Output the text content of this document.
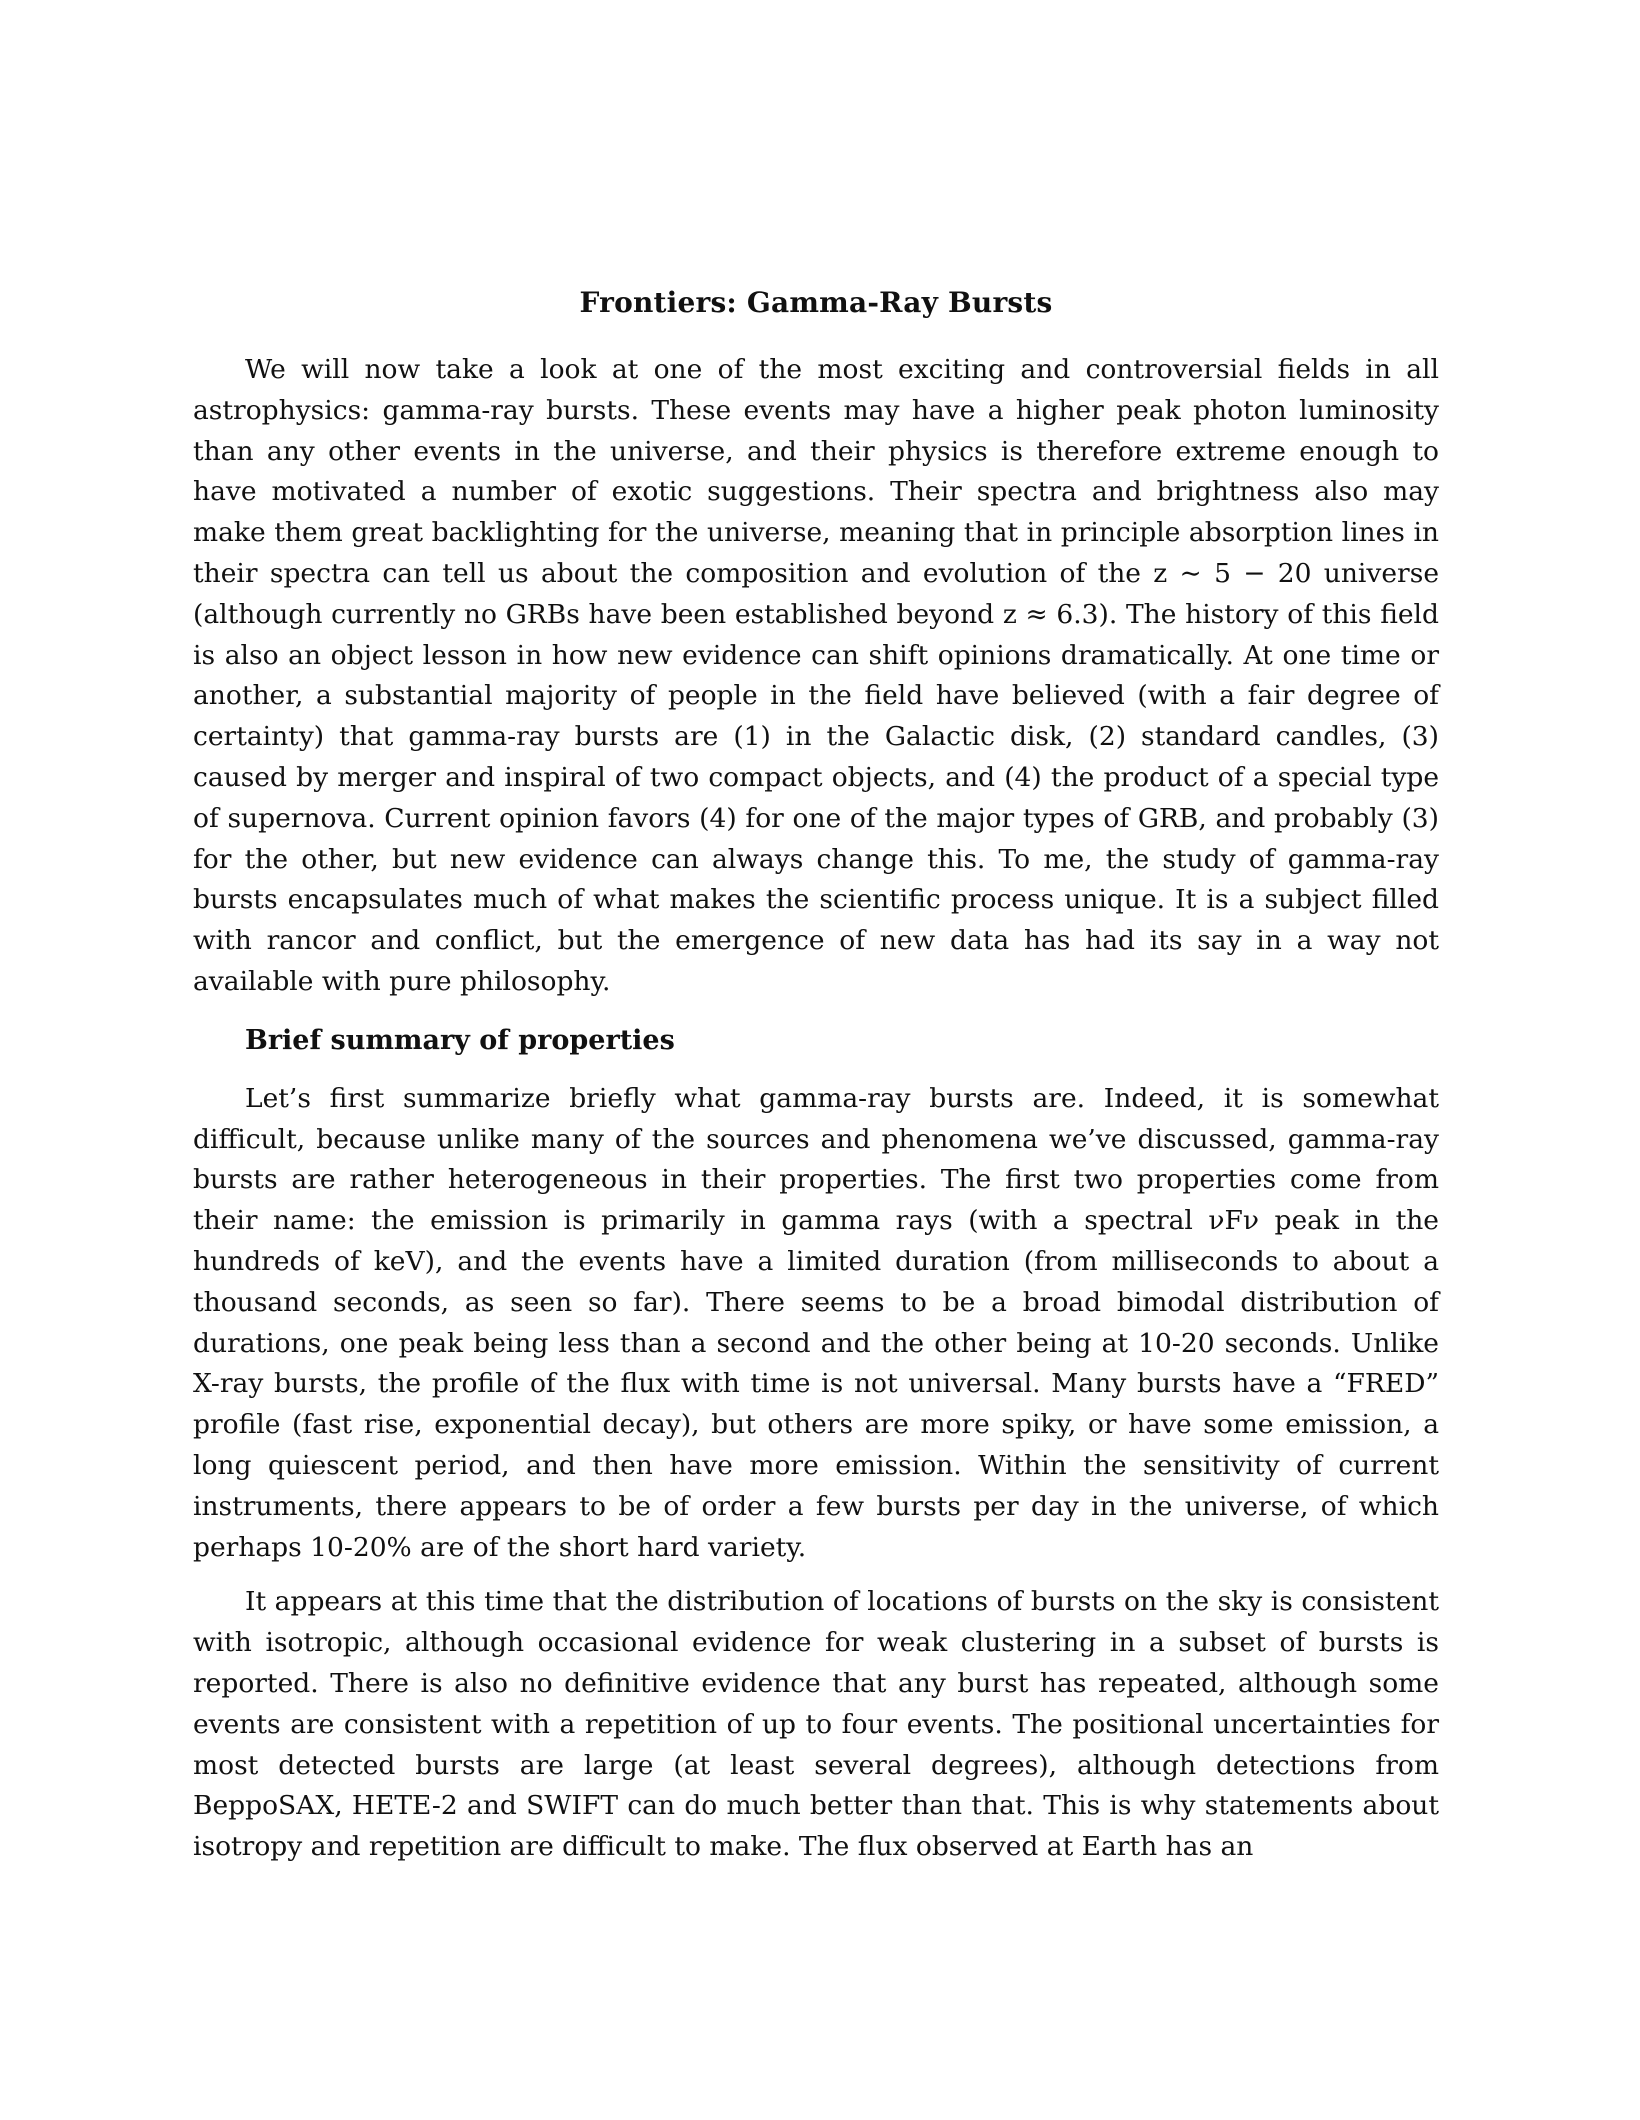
Frontiers: Gamma-Ray Bursts

We will now take a look at one of the most exciting and controversial fields in all astrophysics: gamma-ray bursts. These events may have a higher peak photon luminosity than any other events in the universe, and their physics is therefore extreme enough to have motivated a number of exotic suggestions. Their spectra and brightness also may make them great backlighting for the universe, meaning that in principle absorption lines in their spectra can tell us about the composition and evolution of the z ∼ 5 − 20 universe (although currently no GRBs have been established beyond z ≈ 6.3). The history of this field is also an object lesson in how new evidence can shift opinions dramatically. At one time or another, a substantial majority of people in the field have believed (with a fair degree of certainty) that gamma-ray bursts are (1) in the Galactic disk, (2) standard candles, (3) caused by merger and inspiral of two compact objects, and (4) the product of a special type of supernova. Current opinion favors (4) for one of the major types of GRB, and probably (3) for the other, but new evidence can always change this. To me, the study of gamma-ray bursts encapsulates much of what makes the scientific process unique. It is a subject filled with rancor and conflict, but the emergence of new data has had its say in a way not available with pure philosophy.

Brief summary of properties

Let’s first summarize briefly what gamma-ray bursts are. Indeed, it is somewhat difficult, because unlike many of the sources and phenomena we’ve discussed, gamma-ray bursts are rather heterogeneous in their properties. The first two properties come from their name: the emission is primarily in gamma rays (with a spectral νFν peak in the hundreds of keV), and the events have a limited duration (from milliseconds to about a thousand seconds, as seen so far). There seems to be a broad bimodal distribution of durations, one peak being less than a second and the other being at 10-20 seconds. Unlike X-ray bursts, the profile of the flux with time is not universal. Many bursts have a “FRED” profile (fast rise, exponential decay), but others are more spiky, or have some emission, a long quiescent period, and then have more emission. Within the sensitivity of current instruments, there appears to be of order a few bursts per day in the universe, of which perhaps 10-20% are of the short hard variety.

It appears at this time that the distribution of locations of bursts on the sky is consistent with isotropic, although occasional evidence for weak clustering in a subset of bursts is reported. There is also no definitive evidence that any burst has repeated, although some events are consistent with a repetition of up to four events. The positional uncertainties for most detected bursts are large (at least several degrees), although detections from BeppoSAX, HETE-2 and SWIFT can do much better than that. This is why statements about isotropy and repetition are difficult to make. The flux observed at Earth has an
